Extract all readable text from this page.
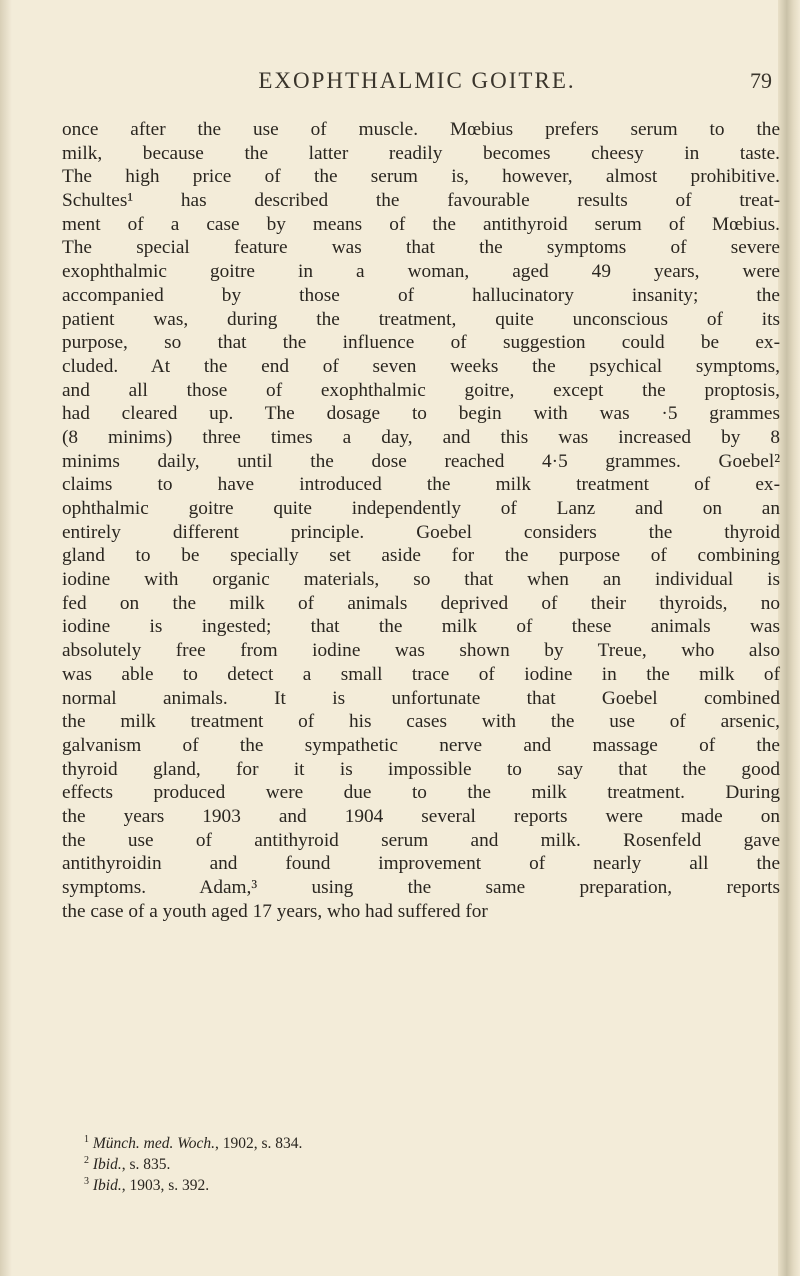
EXOPHTHALMIC GOITRE.	79
once after the use of muscle. Mœbius prefers serum to the
milk, because the latter readily becomes cheesy in taste.
The high price of the serum is, however, almost prohibitive.
Schultes¹ has described the favourable results of treat-
ment of a case by means of the antithyroid serum of Mœbius.
The special feature was that the symptoms of severe
exophthalmic goitre in a woman, aged 49 years, were
accompanied by those of hallucinatory insanity; the
patient was, during the treatment, quite unconscious of its
purpose, so that the influence of suggestion could be ex-
cluded. At the end of seven weeks the psychical symptoms,
and all those of exophthalmic goitre, except the proptosis,
had cleared up. The dosage to begin with was ·5 grammes
(8 minims) three times a day, and this was increased by 8
minims daily, until the dose reached 4·5 grammes. Goebel²
claims to have introduced the milk treatment of ex-
ophthalmic goitre quite independently of Lanz and on an
entirely different principle. Goebel considers the thyroid
gland to be specially set aside for the purpose of combining
iodine with organic materials, so that when an individual is
fed on the milk of animals deprived of their thyroids, no
iodine is ingested; that the milk of these animals was
absolutely free from iodine was shown by Treue, who also
was able to detect a small trace of iodine in the milk of
normal animals. It is unfortunate that Goebel combined
the milk treatment of his cases with the use of arsenic,
galvanism of the sympathetic nerve and massage of the
thyroid gland, for it is impossible to say that the good
effects produced were due to the milk treatment. During
the years 1903 and 1904 several reports were made on
the use of antithyroid serum and milk. Rosenfeld gave
antithyroidin and found improvement of nearly all the
symptoms. Adam,³ using the same preparation, reports
the case of a youth aged 17 years, who had suffered for
$^1$ Münch. med. Woch., 1902, s. 834.
$^2$ Ibid., s. 835.
$^3$ Ibid., 1903, s. 392.
